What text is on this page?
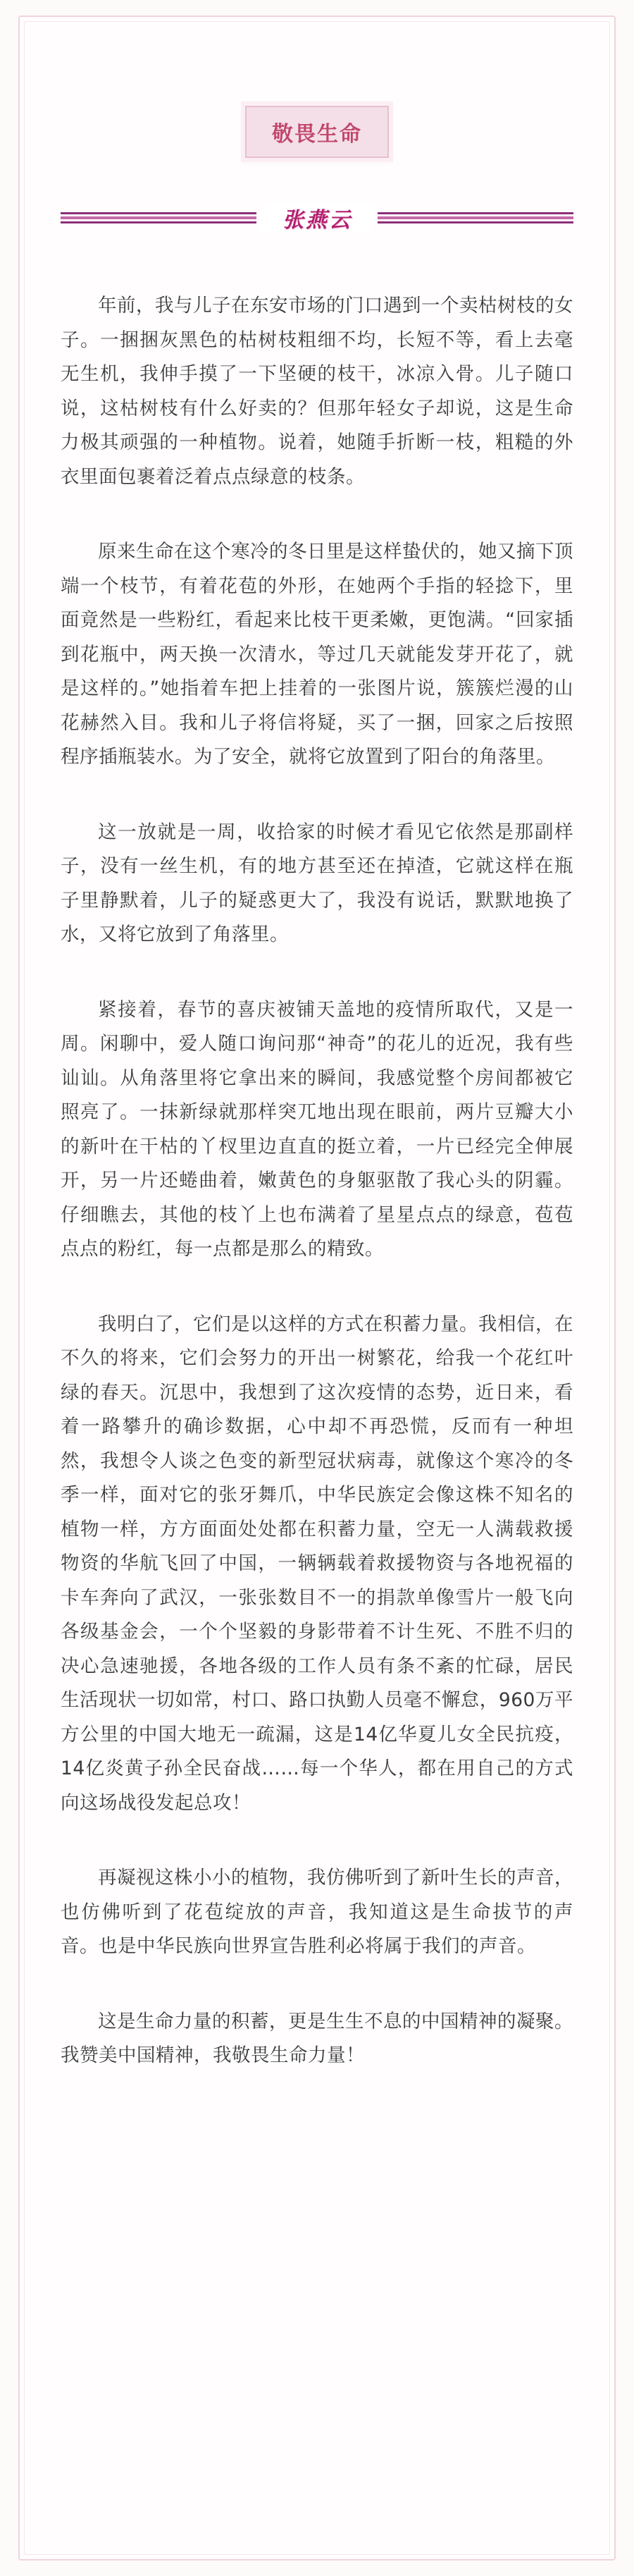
敬畏生命
张燕云

年前，我与儿子在东安市场的门口遇到一个卖枯树枝的女子。一捆捆灰黑色的枯树枝粗细不均，长短不等，看上去毫无生机，我伸手摸了一下坚硬的枝干，冰凉入骨。儿子随口说，这枯树枝有什么好卖的？但那年轻女子却说，这是生命力极其顽强的一种植物。说着，她随手折断一枝，粗糙的外衣里面包裹着泛着点点绿意的枝条。

原来生命在这个寒冷的冬日里是这样蛰伏的，她又摘下顶端一个枝节，有着花苞的外形，在她两个手指的轻捻下，里面竟然是一些粉红，看起来比枝干更柔嫩，更饱满。“回家插到花瓶中，两天换一次清水，等过几天就能发芽开花了，就是这样的。”她指着车把上挂着的一张图片说，簇簇烂漫的山花赫然入目。我和儿子将信将疑，买了一捆，回家之后按照程序插瓶装水。为了安全，就将它放置到了阳台的角落里。

这一放就是一周，收拾家的时候才看见它依然是那副样子，没有一丝生机，有的地方甚至还在掉渣，它就这样在瓶子里静默着，儿子的疑惑更大了，我没有说话，默默地换了水，又将它放到了角落里。

紧接着，春节的喜庆被铺天盖地的疫情所取代，又是一周。闲聊中，爱人随口询问那“神奇”的花儿的近况，我有些讪讪。从角落里将它拿出来的瞬间，我感觉整个房间都被它照亮了。一抹新绿就那样突兀地出现在眼前，两片豆瓣大小的新叶在干枯的丫杈里边直直的挺立着，一片已经完全伸展开，另一片还蜷曲着，嫩黄色的身躯驱散了我心头的阴霾。仔细瞧去，其他的枝丫上也布满着了星星点点的绿意，苞苞点点的粉红，每一点都是那么的精致。

我明白了，它们是以这样的方式在积蓄力量。我相信，在不久的将来，它们会努力的开出一树繁花，给我一个花红叶绿的春天。沉思中，我想到了这次疫情的态势，近日来，看着一路攀升的确诊数据，心中却不再恐慌，反而有一种坦然，我想令人谈之色变的新型冠状病毒，就像这个寒冷的冬季一样，面对它的张牙舞爪，中华民族定会像这株不知名的植物一样，方方面面处处都在积蓄力量，空无一人满载救援物资的华航飞回了中国，一辆辆载着救援物资与各地祝福的卡车奔向了武汉，一张张数目不一的捐款单像雪片一般飞向各级基金会，一个个坚毅的身影带着不计生死、不胜不归的决心急速驰援，各地各级的工作人员有条不紊的忙碌，居民生活现状一切如常，村口、路口执勤人员毫不懈怠，960万平方公里的中国大地无一疏漏，这是14亿华夏儿女全民抗疫，14亿炎黄子孙全民奋战……每一个华人，都在用自己的方式向这场战役发起总攻！

再凝视这株小小的植物，我仿佛听到了新叶生长的声音，也仿佛听到了花苞绽放的声音，我知道这是生命拔节的声音。也是中华民族向世界宣告胜利必将属于我们的声音。

这是生命力量的积蓄，更是生生不息的中国精神的凝聚。我赞美中国精神，我敬畏生命力量！
